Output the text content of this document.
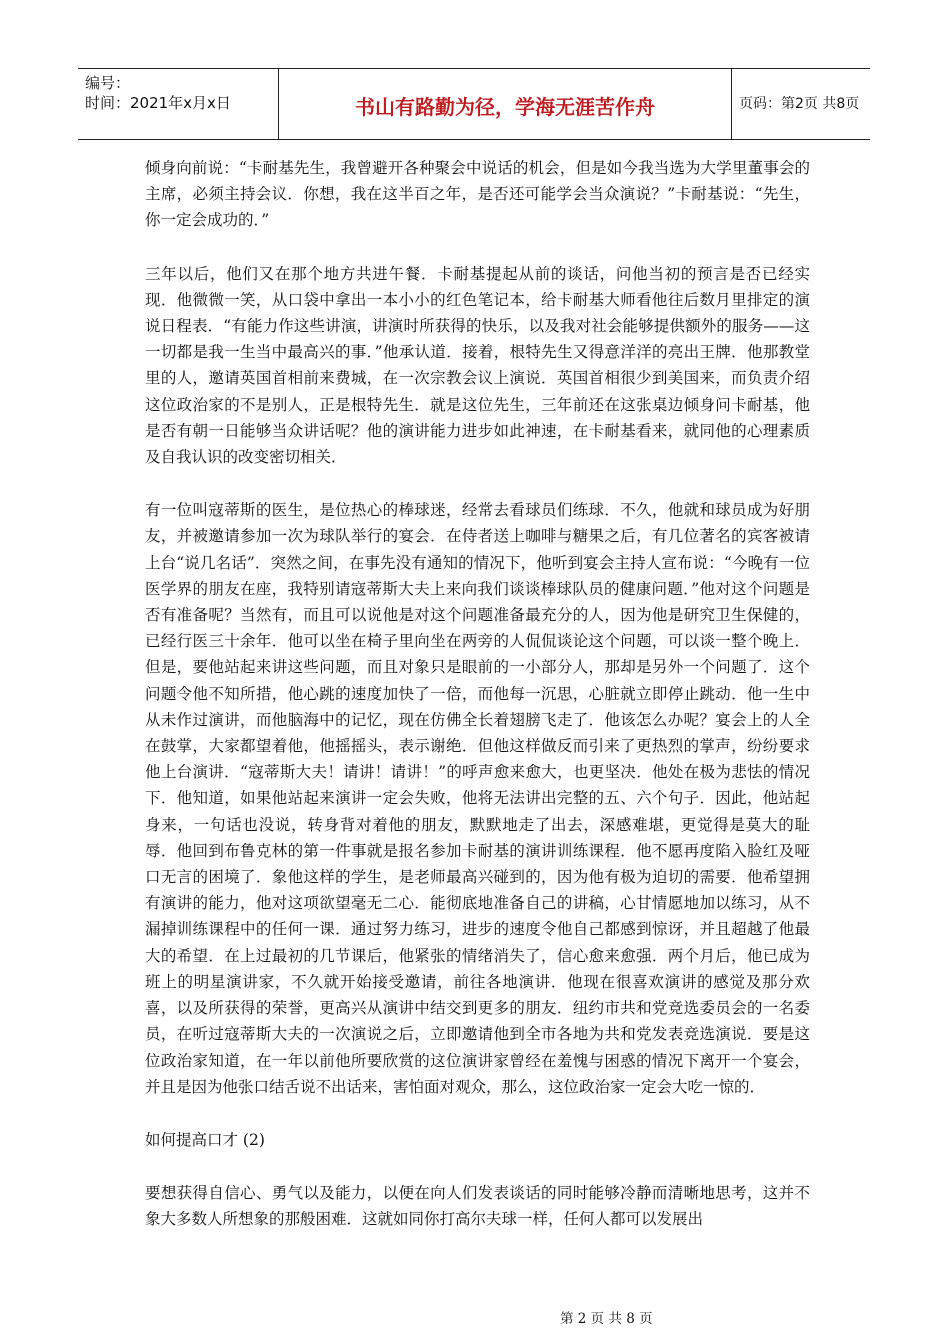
编号：
时间：2021年x月x日	书山有路勤为径，学海无涯苦作舟	页码：第2页 共8页

倾身向前说：“卡耐基先生，我曾避开各种聚会中说话的机会，但是如今我当选为大学里董事会的主席，必须主持会议．你想，我在这半百之年，是否还可能学会当众演说？”卡耐基说：“先生，你一定会成功的．”

三年以后，他们又在那个地方共进午餐．卡耐基提起从前的谈话，问他当初的预言是否已经实现．他微微一笑，从口袋中拿出一本小小的红色笔记本，给卡耐基大师看他往后数月里排定的演说日程表．“有能力作这些讲演，讲演时所获得的快乐，以及我对社会能够提供额外的服务——这一切都是我一生当中最高兴的事．”他承认道．接着，根特先生又得意洋洋的亮出王牌．他那教堂里的人，邀请英国首相前来费城，在一次宗教会议上演说．英国首相很少到美国来，而负责介绍这位政治家的不是别人，正是根特先生．就是这位先生，三年前还在这张桌边倾身问卡耐基，他是否有朝一日能够当众讲话呢？他的演讲能力进步如此神速，在卡耐基看来，就同他的心理素质及自我认识的改变密切相关．

有一位叫寇蒂斯的医生，是位热心的棒球迷，经常去看球员们练球．不久，他就和球员成为好朋友，并被邀请参加一次为球队举行的宴会．在侍者送上咖啡与糖果之后，有几位著名的宾客被请上台“说几名话”．突然之间，在事先没有通知的情况下，他听到宴会主持人宣布说：“今晚有一位医学界的朋友在座，我特别请寇蒂斯大夫上来向我们谈谈棒球队员的健康问题．”他对这个问题是否有准备呢？当然有，而且可以说他是对这个问题准备最充分的人，因为他是研究卫生保健的，已经行医三十余年．他可以坐在椅子里向坐在两旁的人侃侃谈论这个问题，可以谈一整个晚上．但是，要他站起来讲这些问题，而且对象只是眼前的一小部分人，那却是另外一个问题了．这个问题令他不知所措，他心跳的速度加快了一倍，而他每一沉思，心脏就立即停止跳动．他一生中从未作过演讲，而他脑海中的记忆，现在仿佛全长着翅膀飞走了．他该怎么办呢？宴会上的人全在鼓掌，大家都望着他，他摇摇头，表示谢绝．但他这样做反而引来了更热烈的掌声，纷纷要求他上台演讲．“寇蒂斯大夫！请讲！请讲！”的呼声愈来愈大，也更坚决．他处在极为悲怯的情况下．他知道，如果他站起来演讲一定会失败，他将无法讲出完整的五、六个句子．因此，他站起身来，一句话也没说，转身背对着他的朋友，默默地走了出去，深感难堪，更觉得是莫大的耻辱．他回到布鲁克林的第一件事就是报名参加卡耐基的演讲训练课程．他不愿再度陷入脸红及哑口无言的困境了．象他这样的学生，是老师最高兴碰到的，因为他有极为迫切的需要．他希望拥有演讲的能力，他对这项欲望毫无二心．能彻底地准备自己的讲稿，心甘情愿地加以练习，从不漏掉训练课程中的任何一课．通过努力练习，进步的速度令他自己都感到惊讶，并且超越了他最大的希望．在上过最初的几节课后，他紧张的情绪消失了，信心愈来愈强．两个月后，他已成为班上的明星演讲家，不久就开始接受邀请，前往各地演讲．他现在很喜欢演讲的感觉及那分欢喜，以及所获得的荣誉，更高兴从演讲中结交到更多的朋友．纽约市共和党竞选委员会的一名委员，在听过寇蒂斯大夫的一次演说之后，立即邀请他到全市各地为共和党发表竞选演说．要是这位政治家知道，在一年以前他所要欣赏的这位演讲家曾经在羞愧与困惑的情况下离开一个宴会，并且是因为他张口结舌说不出话来，害怕面对观众，那么，这位政治家一定会大吃一惊的．

如何提高口才 (2)

要想获得自信心、勇气以及能力，以便在向人们发表谈话的同时能够冷静而清晰地思考，这并不象大多数人所想象的那般困难．这就如同你打高尔夫球一样，任何人都可以发展出

第 2 页 共 8 页
